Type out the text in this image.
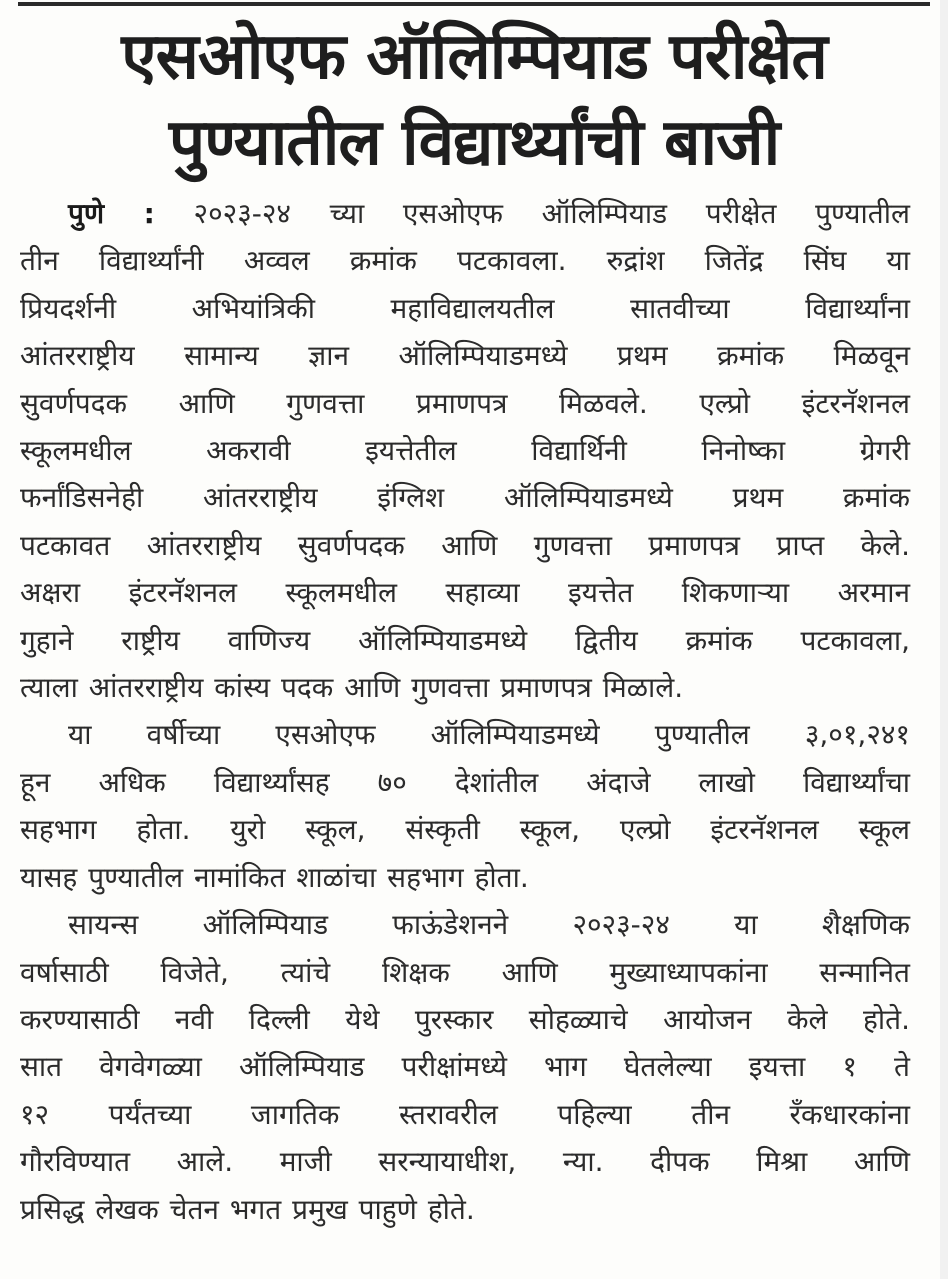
एसओएफ ऑलिम्पियाड परीक्षेत
पुण्यातील विद्यार्थ्यांची बाजी

पुणे : २०२३-२४ च्या एसओएफ ऑलिम्पियाड परीक्षेत पुण्यातील
तीन विद्यार्थ्यांनी अव्वल क्रमांक पटकावला. रुद्रांश जितेंद्र सिंघ या
प्रियदर्शनी अभियांत्रिकी महाविद्यालयतील सातवीच्या विद्यार्थ्यांना
आंतरराष्ट्रीय सामान्य ज्ञान ऑलिम्पियाडमध्ये प्रथम क्रमांक मिळवून
सुवर्णपदक आणि गुणवत्ता प्रमाणपत्र मिळवले. एल्प्रो इंटरनॅशनल
स्कूलमधील अकरावी इयत्तेतील विद्यार्थिनी निनोष्का ग्रेगरी
फर्नांडिसनेही आंतरराष्ट्रीय इंग्लिश ऑलिम्पियाडमध्ये प्रथम क्रमांक
पटकावत आंतरराष्ट्रीय सुवर्णपदक आणि गुणवत्ता प्रमाणपत्र प्राप्त केले.
अक्षरा इंटरनॅशनल स्कूलमधील सहाव्या इयत्तेत शिकणाऱ्या अरमान
गुहाने राष्ट्रीय वाणिज्य ऑलिम्पियाडमध्ये द्वितीय क्रमांक पटकावला,
त्याला आंतरराष्ट्रीय कांस्य पदक आणि गुणवत्ता प्रमाणपत्र मिळाले.

या वर्षीच्या एसओएफ ऑलिम्पियाडमध्ये पुण्यातील ३,०१,२४१
हून अधिक विद्यार्थ्यांसह ७० देशांतील अंदाजे लाखो विद्यार्थ्यांचा
सहभाग होता. युरो स्कूल, संस्कृती स्कूल, एल्प्रो इंटरनॅशनल स्कूल
यासह पुण्यातील नामांकित शाळांचा सहभाग होता.

सायन्स ऑलिम्पियाड फाऊंडेशनने २०२३-२४ या शैक्षणिक
वर्षासाठी विजेते, त्यांचे शिक्षक आणि मुख्याध्यापकांना सन्मानित
करण्यासाठी नवी दिल्ली येथे पुरस्कार सोहळ्याचे आयोजन केले होते.
सात वेगवेगळ्या ऑलिम्पियाड परीक्षांमध्ये भाग घेतलेल्या इयत्ता १ ते
१२ पर्यंतच्या जागतिक स्तरावरील पहिल्या तीन रँकधारकांना
गौरविण्यात आले. माजी सरन्यायाधीश, न्या. दीपक मिश्रा आणि
प्रसिद्ध लेखक चेतन भगत प्रमुख पाहुणे होते.
